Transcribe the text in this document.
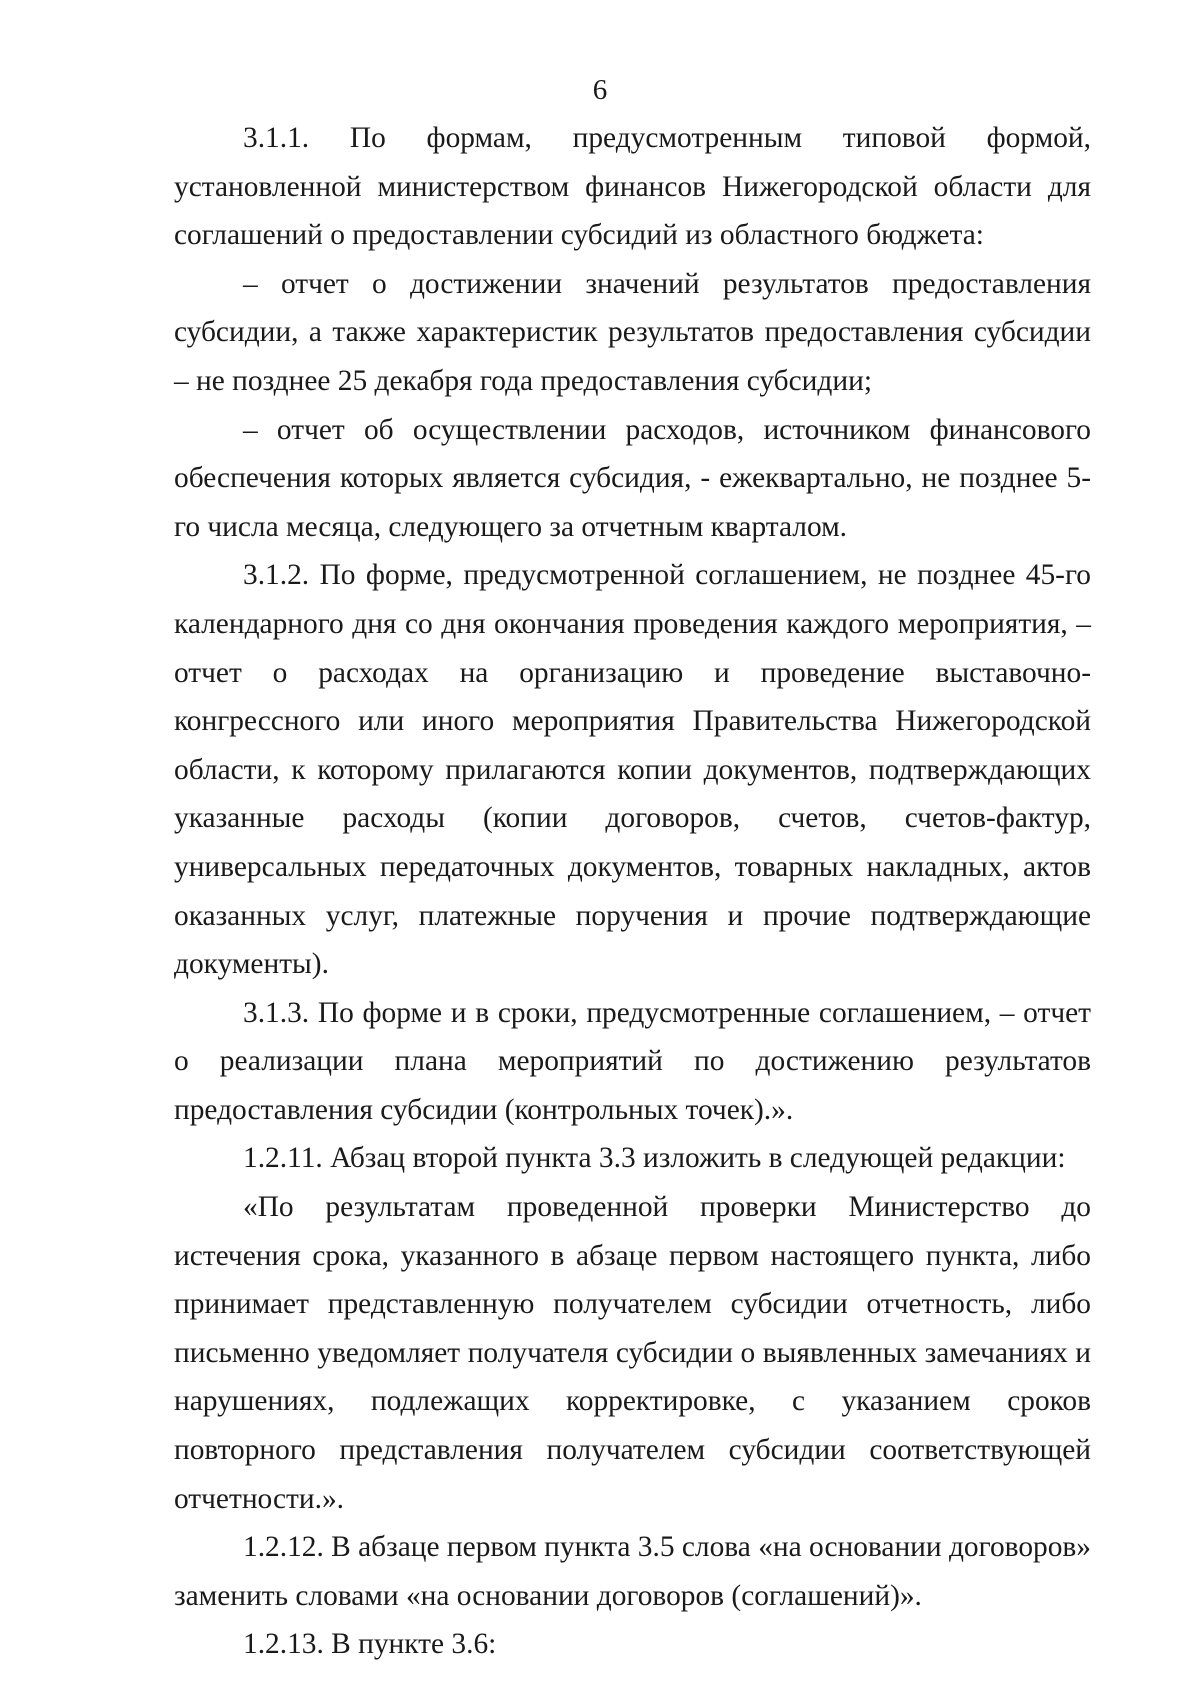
6

3.1.1. По формам, предусмотренным типовой формой, установленной министерством финансов Нижегородской области для соглашений о предоставлении субсидий из областного бюджета:

– отчет о достижении значений результатов предоставления субсидии, а также характеристик результатов предоставления субсидии – не позднее 25 декабря года предоставления субсидии;

– отчет об осуществлении расходов, источником финансового обеспечения которых является субсидия, - ежеквартально, не позднее 5-го числа месяца, следующего за отчетным кварталом.

3.1.2. По форме, предусмотренной соглашением, не позднее 45-го календарного дня со дня окончания проведения каждого мероприятия, – отчет о расходах на организацию и проведение выставочно-конгрессного или иного мероприятия Правительства Нижегородской области, к которому прилагаются копии документов, подтверждающих указанные расходы (копии договоров, счетов, счетов-фактур, универсальных передаточных документов, товарных накладных, актов оказанных услуг, платежные поручения и прочие подтверждающие документы).

3.1.3. По форме и в сроки, предусмотренные соглашением, – отчет о реализации плана мероприятий по достижению результатов предоставления субсидии (контрольных точек).».

1.2.11. Абзац второй пункта 3.3 изложить в следующей редакции:

«По результатам проведенной проверки Министерство до истечения срока, указанного в абзаце первом настоящего пункта, либо принимает представленную получателем субсидии отчетность, либо письменно уведомляет получателя субсидии о выявленных замечаниях и нарушениях, подлежащих корректировке, с указанием сроков повторного представления получателем субсидии соответствующей отчетности.».

1.2.12. В абзаце первом пункта 3.5 слова «на основании договоров» заменить словами «на основании договоров (соглашений)».

1.2.13. В пункте 3.6:
